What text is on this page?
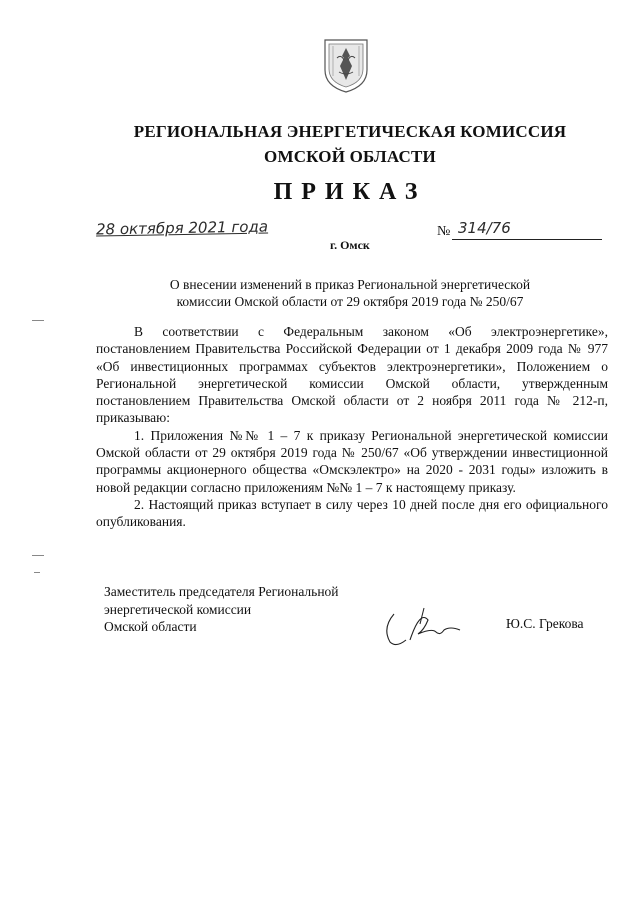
РЕГИОНАЛЬНАЯ ЭНЕРГЕТИЧЕСКАЯ КОМИССИЯ
ОМСКОЙ ОБЛАСТИ
ПРИКАЗ
28 октября 2021 года
г. Омск
№ 314/76
О внесении изменений в приказ Региональной энергетической
комиссии Омской области от 29 октября 2019 года № 250/67

В соответствии с Федеральным законом «Об электроэнергетике», постановлением Правительства Российской Федерации от 1 декабря 2009 года № 977 «Об инвестиционных программах субъектов электроэнергетики», Положением о Региональной энергетической комиссии Омской области, утвержденным постановлением Правительства Омской области от 2 ноября 2011 года № 212-п, приказываю:

1. Приложения №№ 1 – 7 к приказу Региональной энергетической комиссии Омской области от 29 октября 2019 года № 250/67 «Об утверждении инвестиционной программы акционерного общества «Омскэлектро» на 2020 - 2031 годы» изложить в новой редакции согласно приложениям №№ 1 – 7 к настоящему приказу.

2. Настоящий приказ вступает в силу через 10 дней после дня его официального опубликования.

Заместитель председателя Региональной
энергетической комиссии
Омской области	Ю.С. Грекова
